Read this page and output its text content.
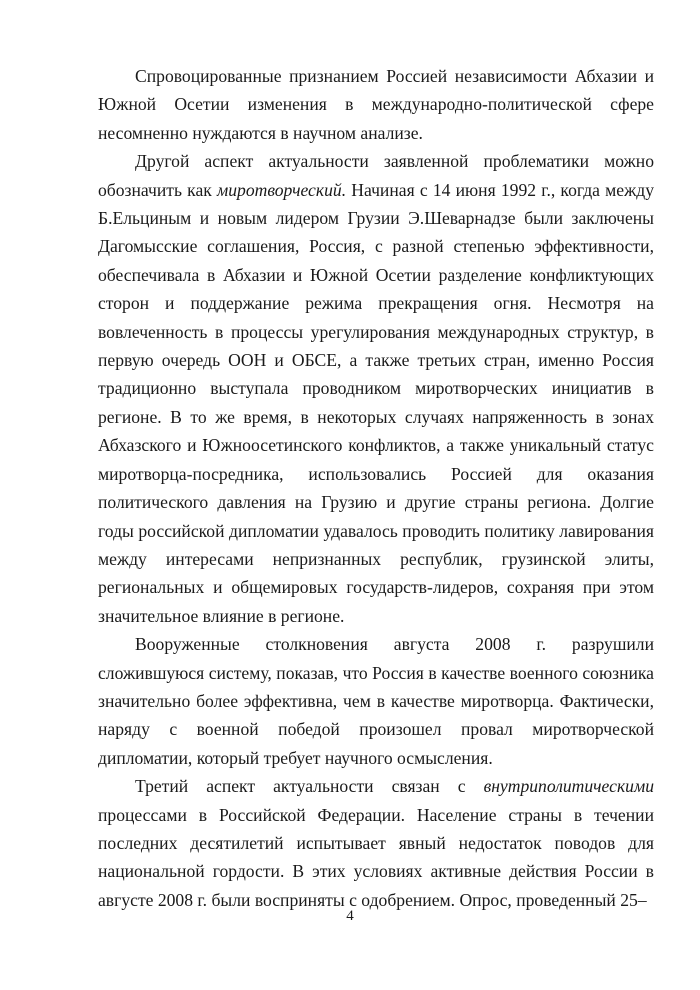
Спровоцированные признанием Россией независимости Абхазии и Южной Осетии изменения в международно-политической сфере несомненно нуждаются в научном анализе.

Другой аспект актуальности заявленной проблематики можно обозначить как миротворческий. Начиная с 14 июня 1992 г., когда между Б.Ельциным и новым лидером Грузии Э.Шеварнадзе были заключены Дагомысские соглашения, Россия, с разной степенью эффективности, обеспечивала в Абхазии и Южной Осетии разделение конфликтующих сторон и поддержание режима прекращения огня. Несмотря на вовлеченность в процессы урегулирования международных структур, в первую очередь ООН и ОБСЕ, а также третьих стран, именно Россия традиционно выступала проводником миротворческих инициатив в регионе. В то же время, в некоторых случаях напряженность в зонах Абхазского и Южноосетинского конфликтов, а также уникальный статус миротворца-посредника, использовались Россией для оказания политического давления на Грузию и другие страны региона. Долгие годы российской дипломатии удавалось проводить политику лавирования между интересами непризнанных республик, грузинской элиты, региональных и общемировых государств-лидеров, сохраняя при этом значительное влияние в регионе.

Вооруженные столкновения августа 2008 г. разрушили сложившуюся систему, показав, что Россия в качестве военного союзника значительно более эффективна, чем в качестве миротворца. Фактически, наряду с военной победой произошел провал миротворческой дипломатии, который требует научного осмысления.

Третий аспект актуальности связан с внутриполитическими процессами в Российской Федерации. Население страны в течении последних десятилетий испытывает явный недостаток поводов для национальной гордости. В этих условиях активные действия России в августе 2008 г. были восприняты с одобрением. Опрос, проведенный 25–

4
